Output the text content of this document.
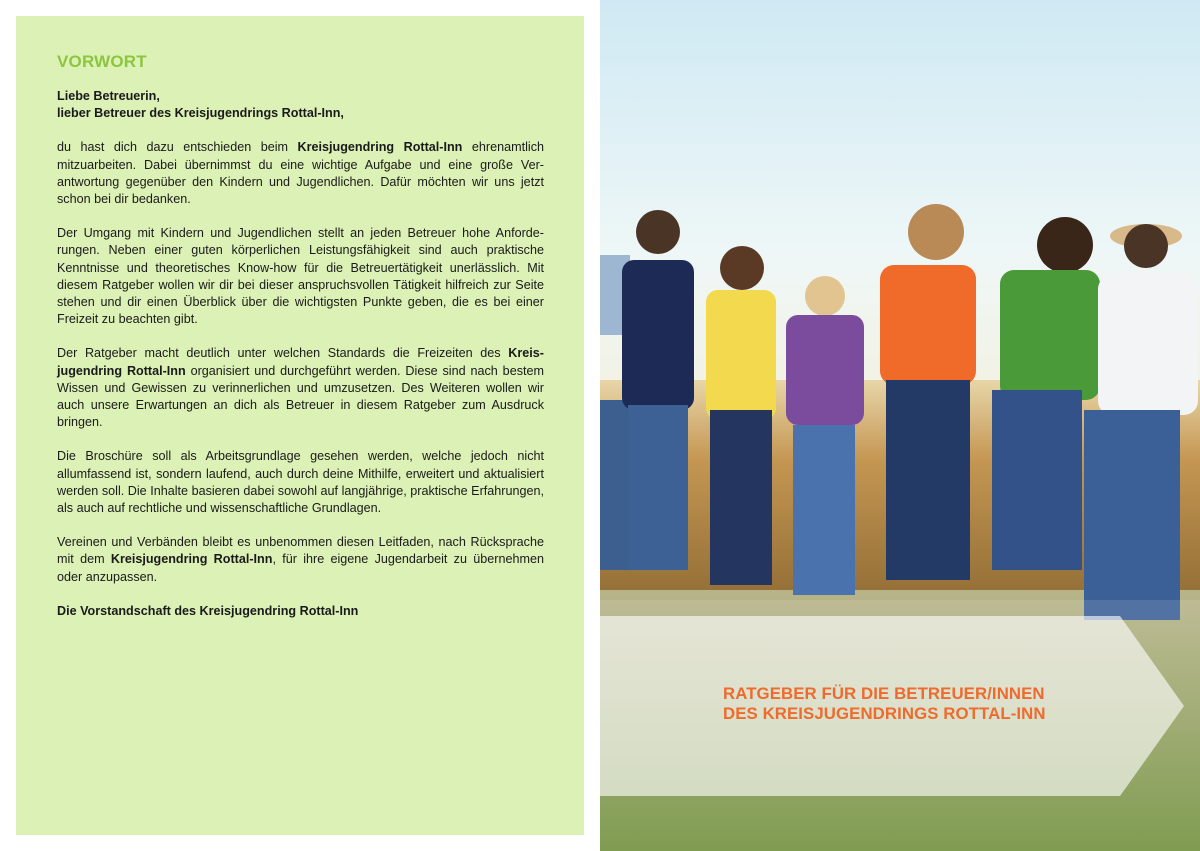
VORWORT

Liebe Betreuerin,
lieber Betreuer des Kreisjugendrings Rottal-Inn,

du hast dich dazu entschieden beim Kreisjugendring Rottal-Inn ehrenamtlich mitzuarbeiten. Dabei übernimmst du eine wichtige Aufgabe und eine große Verantwortung gegenüber den Kindern und Jugendlichen. Dafür möchten wir uns jetzt schon bei dir bedanken.

Der Umgang mit Kindern und Jugendlichen stellt an jeden Betreuer hohe Anforderungen. Neben einer guten körperlichen Leistungsfähigkeit sind auch praktische Kenntnisse und theoretisches Know-how für die Betreuertätigkeit unerlässlich. Mit diesem Ratgeber wollen wir dir bei dieser anspruchsvollen Tätigkeit hilfreich zur Seite stehen und dir einen Überblick über die wichtigsten Punkte geben, die es bei einer Freizeit zu beachten gibt.

Der Ratgeber macht deutlich unter welchen Standards die Freizeiten des Kreisjugendring Rottal-Inn organisiert und durchgeführt werden. Diese sind nach bestem Wissen und Gewissen zu verinnerlichen und umzusetzen. Des Weiteren wollen wir auch unsere Erwartungen an dich als Betreuer in diesem Ratgeber zum Ausdruck bringen.

Die Broschüre soll als Arbeitsgrundlage gesehen werden, welche jedoch nicht allumfassend ist, sondern laufend, auch durch deine Mithilfe, erweitert und aktualisiert werden soll. Die Inhalte basieren dabei sowohl auf langjährige, praktische Erfahrungen, als auch auf rechtliche und wissenschaftliche Grundlagen.

Vereinen und Verbänden bleibt es unbenommen diesen Leitfaden, nach Rücksprache mit dem Kreisjugendring Rottal-Inn, für ihre eigene Jugendarbeit zu übernehmen oder anzupassen.

Die Vorstandschaft des Kreisjugendring Rottal-Inn

RATGEBER FÜR DIE BETREUER/INNEN
DES KREISJUGENDRINGS ROTTAL-INN
